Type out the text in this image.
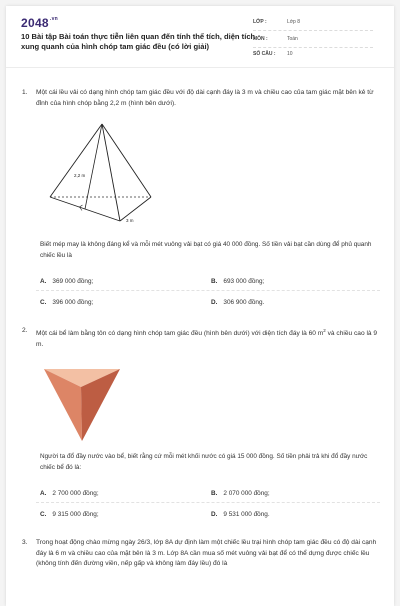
$2048^{.vn}$
10 Bài tập Bài toán thực tiễn liên quan đến tính thể tích, diện tích xung quanh của hình chóp tam giác đều (có lời giải)
LỚP :	Lớp 8
MÔN :	Toán
SỐ CÂU : 10
1. Một cái lều vải có dạng hình chóp tam giác đều với độ dài cạnh đáy là 3 m và chiều cao của tam giác mặt bên kẻ từ đỉnh của hình chóp bằng 2,2 m (hình bên dưới).
2,2 m
3 m
Biết mép may là không đáng kể và mỗi mét vuông vải bạt có giá 40 000 đồng. Số tiền vải bạt cần dùng để phủ quanh chiếc lều là
A. 369 000 đồng;	B. 693 000 đồng;
C. 396 000 đồng;	D. 306 900 đồng.
2. Một cái bể làm bằng tôn có dạng hình chóp tam giác đều (hình bên dưới) với diện tích đáy là 60 $m^2$ và chiều cao là 9 m.
Người ta đổ đầy nước vào bể, biết rằng cứ mỗi mét khối nước có giá 15 000 đồng. Số tiền phải trả khi đổ đầy nước chiếc bể đó là:
A. 2 700 000 đồng;	B. 2 070 000 đồng;
C. 9 315 000 đồng;	D. 9 531 000 đồng.
3. Trong hoạt động chào mừng ngày 26/3, lớp 8A dự định làm một chiếc lều trại hình chóp tam giác đều có độ dài cạnh đáy là 6 m và chiều cao của mặt bên là 3 m. Lớp 8A cần mua số mét vuông vải bạt để có thể dựng được chiếc lều (không tính đến đường viền, nếp gấp và không làm đáy lều) đó là
